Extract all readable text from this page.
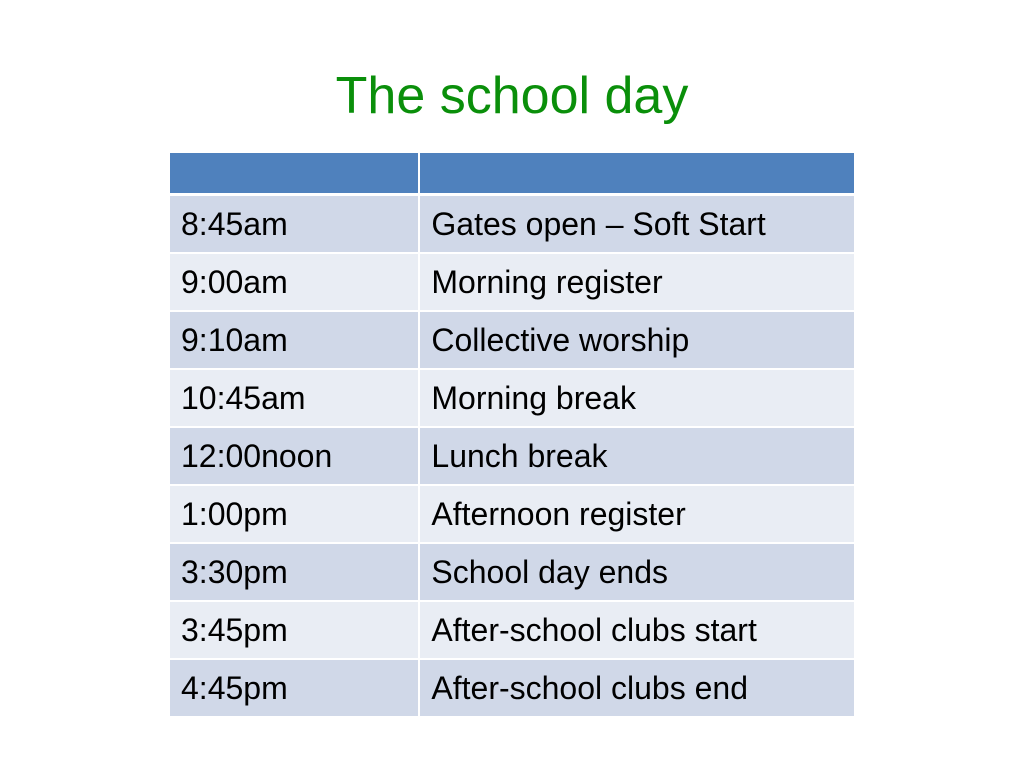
The school day

8:45am	Gates open – Soft Start
9:00am	Morning register
9:10am	Collective worship
10:45am	Morning break
12:00noon	Lunch break
1:00pm	Afternoon register
3:30pm	School day ends
3:45pm	After-school clubs start
4:45pm	After-school clubs end
